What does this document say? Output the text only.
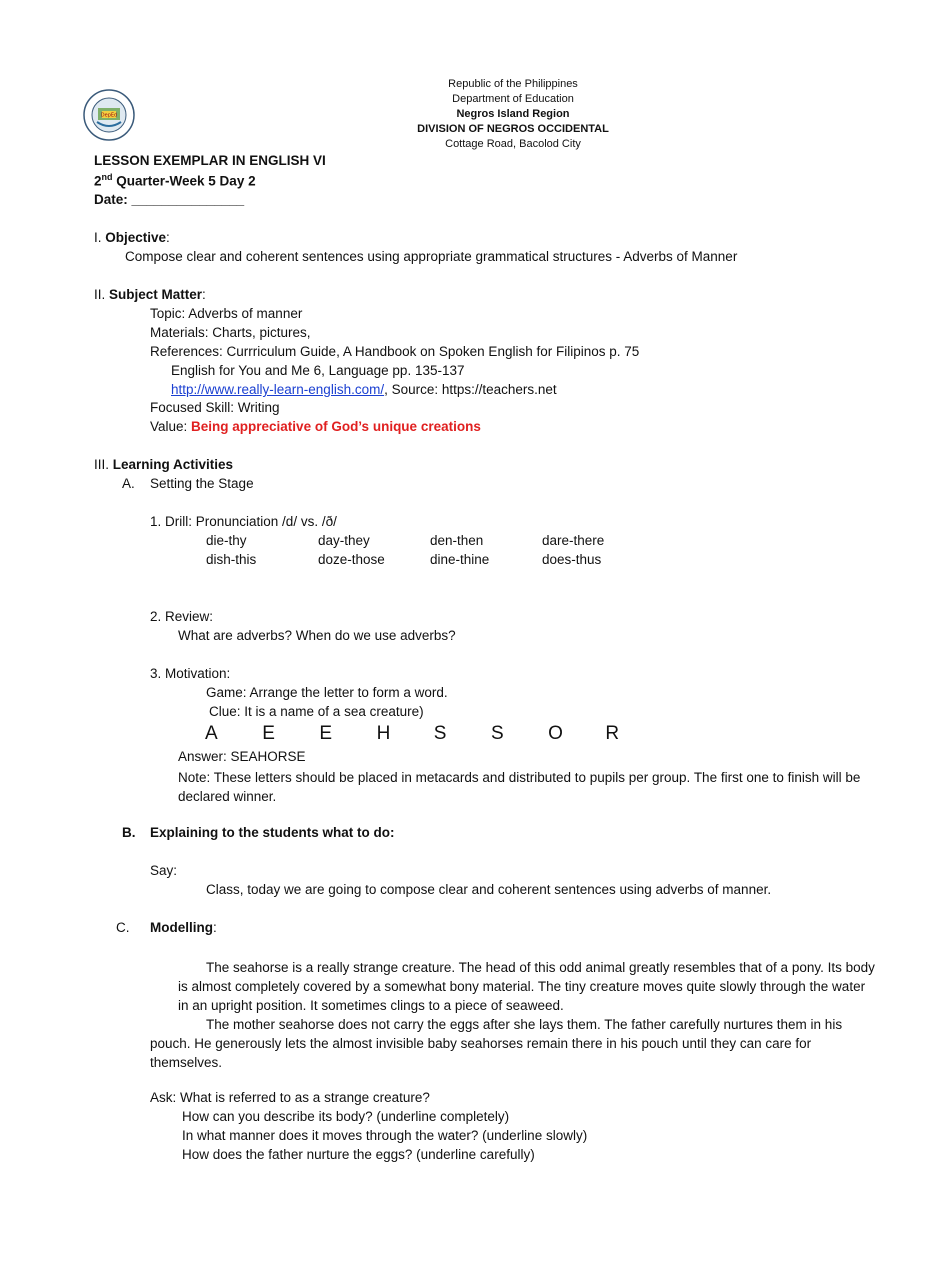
DepEd
Republic of the Philippines
Department of Education
Negros Island Region
DIVISION OF NEGROS OCCIDENTAL
Cottage Road, Bacolod City
LESSON EXEMPLAR IN ENGLISH VI
2nd Quarter-Week 5 Day 2
Date: _______________
I. Objective:
Compose clear and coherent sentences using appropriate grammatical structures - Adverbs of Manner
II. Subject Matter:
Topic: Adverbs of manner
Materials: Charts, pictures,
References: Currriculum Guide, A Handbook on Spoken English for Filipinos p. 75
English for You and Me 6, Language pp. 135-137
http://www.really-learn-english.com/, Source: https://teachers.net
Focused Skill: Writing
Value: Being appreciative of God’s unique creations
III. Learning Activities
A. Setting the Stage
1. Drill: Pronunciation /d/ vs. /ð/
die-thy	day-they	den-then	dare-there
dish-this	doze-those	dine-thine	does-thus
2. Review:
What are adverbs? When do we use adverbs?
3. Motivation:
Game: Arrange the letter to form a word.
Clue: It is a name of a sea creature)
A E E H S S O R
Answer: SEAHORSE
Note: These letters should be placed in metacards and distributed to pupils per group. The first one to finish will be declared winner.
B. Explaining to the students what to do:
Say:
Class, today we are going to compose clear and coherent sentences using adverbs of manner.
C. Modelling:
The seahorse is a really strange creature. The head of this odd animal greatly resembles that of a pony. Its body is almost completely covered by a somewhat bony material. The tiny creature moves quite slowly through the water in an upright position. It sometimes clings to a piece of seaweed.
The mother seahorse does not carry the eggs after she lays them. The father carefully nurtures them in his pouch. He generously lets the almost invisible baby seahorses remain there in his pouch until they can care for themselves.
Ask: What is referred to as a strange creature?
How can you describe its body? (underline completely)
In what manner does it moves through the water? (underline slowly)
How does the father nurture the eggs? (underline carefully)
